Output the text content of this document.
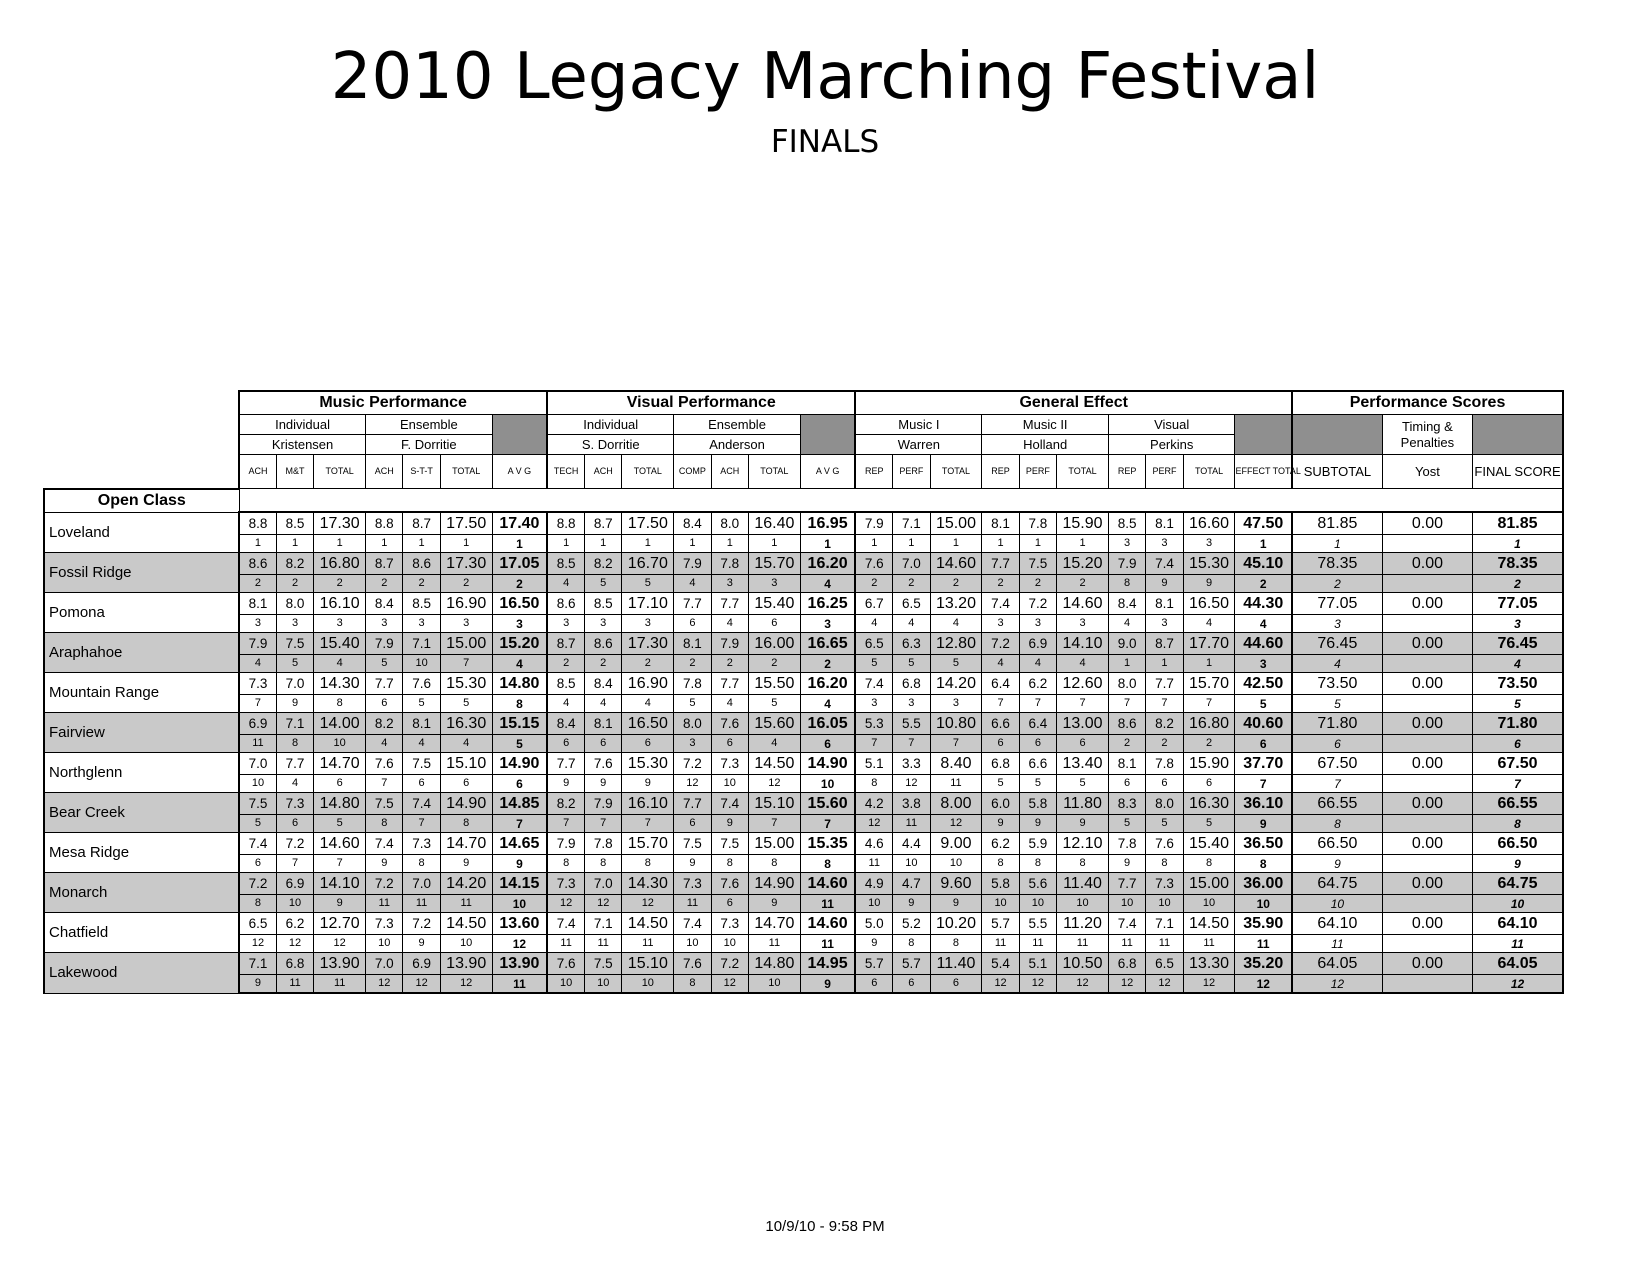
2010 Legacy Marching Festival
FINALS
	Music Performance							Visual Performance							General Effect										Performance Scores		
	Individual			Ensemble				Individual			Ensemble				Music I			Music II			Visual					Timing & Penalties	
	Kristensen			F. Dorritie				S. Dorritie			Anderson				Warren			Holland			Perkins						
	ACH	M&T	TOTAL	ACH	S-T-T	TOTAL	A V G	TECH	ACH	TOTAL	COMP	ACH	TOTAL	A V G	REP	PERF	TOTAL	REP	PERF	TOTAL	REP	PERF	TOTAL	EFFECT TOTAL	SUBTOTAL	Yost	FINAL SCORE
Open Class																											
Loveland	8.8	8.5	17.30	8.8	8.7	17.50	17.40	8.8	8.7	17.50	8.4	8.0	16.40	16.95	7.9	7.1	15.00	8.1	7.8	15.90	8.5	8.1	16.60	47.50	81.85	0.00	81.85
	1	1	1	1	1	1	1	1	1	1	1	1	1	1	1	1	1	1	1	1	3	3	3	1	1		1
Fossil Ridge	8.6	8.2	16.80	8.7	8.6	17.30	17.05	8.5	8.2	16.70	7.9	7.8	15.70	16.20	7.6	7.0	14.60	7.7	7.5	15.20	7.9	7.4	15.30	45.10	78.35	0.00	78.35
	2	2	2	2	2	2	2	4	5	5	4	3	3	4	2	2	2	2	2	2	8	9	9	2	2		2
Pomona	8.1	8.0	16.10	8.4	8.5	16.90	16.50	8.6	8.5	17.10	7.7	7.7	15.40	16.25	6.7	6.5	13.20	7.4	7.2	14.60	8.4	8.1	16.50	44.30	77.05	0.00	77.05
	3	3	3	3	3	3	3	3	3	3	6	4	6	3	4	4	4	3	3	3	4	3	4	4	3		3
Araphahoe	7.9	7.5	15.40	7.9	7.1	15.00	15.20	8.7	8.6	17.30	8.1	7.9	16.00	16.65	6.5	6.3	12.80	7.2	6.9	14.10	9.0	8.7	17.70	44.60	76.45	0.00	76.45
	4	5	4	5	10	7	4	2	2	2	2	2	2	2	5	5	5	4	4	4	1	1	1	3	4		4
Mountain Range	7.3	7.0	14.30	7.7	7.6	15.30	14.80	8.5	8.4	16.90	7.8	7.7	15.50	16.20	7.4	6.8	14.20	6.4	6.2	12.60	8.0	7.7	15.70	42.50	73.50	0.00	73.50
	7	9	8	6	5	5	8	4	4	4	5	4	5	4	3	3	3	7	7	7	7	7	7	5	5		5
Fairview	6.9	7.1	14.00	8.2	8.1	16.30	15.15	8.4	8.1	16.50	8.0	7.6	15.60	16.05	5.3	5.5	10.80	6.6	6.4	13.00	8.6	8.2	16.80	40.60	71.80	0.00	71.80
	11	8	10	4	4	4	5	6	6	6	3	6	4	6	7	7	7	6	6	6	2	2	2	6	6		6
Northglenn	7.0	7.7	14.70	7.6	7.5	15.10	14.90	7.7	7.6	15.30	7.2	7.3	14.50	14.90	5.1	3.3	8.40	6.8	6.6	13.40	8.1	7.8	15.90	37.70	67.50	0.00	67.50
	10	4	6	7	6	6	6	9	9	9	12	10	12	10	8	12	11	5	5	5	6	6	6	7	7		7
Bear Creek	7.5	7.3	14.80	7.5	7.4	14.90	14.85	8.2	7.9	16.10	7.7	7.4	15.10	15.60	4.2	3.8	8.00	6.0	5.8	11.80	8.3	8.0	16.30	36.10	66.55	0.00	66.55
	5	6	5	8	7	8	7	7	7	7	6	9	7	7	12	11	12	9	9	9	5	5	5	9	8		8
Mesa Ridge	7.4	7.2	14.60	7.4	7.3	14.70	14.65	7.9	7.8	15.70	7.5	7.5	15.00	15.35	4.6	4.4	9.00	6.2	5.9	12.10	7.8	7.6	15.40	36.50	66.50	0.00	66.50
	6	7	7	9	8	9	9	8	8	8	9	8	8	8	11	10	10	8	8	8	9	8	8	8	9		9
Monarch	7.2	6.9	14.10	7.2	7.0	14.20	14.15	7.3	7.0	14.30	7.3	7.6	14.90	14.60	4.9	4.7	9.60	5.8	5.6	11.40	7.7	7.3	15.00	36.00	64.75	0.00	64.75
	8	10	9	11	11	11	10	12	12	12	11	6	9	11	10	9	9	10	10	10	10	10	10	10	10		10
Chatfield	6.5	6.2	12.70	7.3	7.2	14.50	13.60	7.4	7.1	14.50	7.4	7.3	14.70	14.60	5.0	5.2	10.20	5.7	5.5	11.20	7.4	7.1	14.50	35.90	64.10	0.00	64.10
	12	12	12	10	9	10	12	11	11	11	10	10	11	11	9	8	8	11	11	11	11	11	11	11	11		11
Lakewood	7.1	6.8	13.90	7.0	6.9	13.90	13.90	7.6	7.5	15.10	7.6	7.2	14.80	14.95	5.7	5.7	11.40	5.4	5.1	10.50	6.8	6.5	13.30	35.20	64.05	0.00	64.05
	9	11	11	12	12	12	11	10	10	10	8	12	10	9	6	6	6	12	12	12	12	12	12	12	12		12
10/9/10 - 9:58 PM
